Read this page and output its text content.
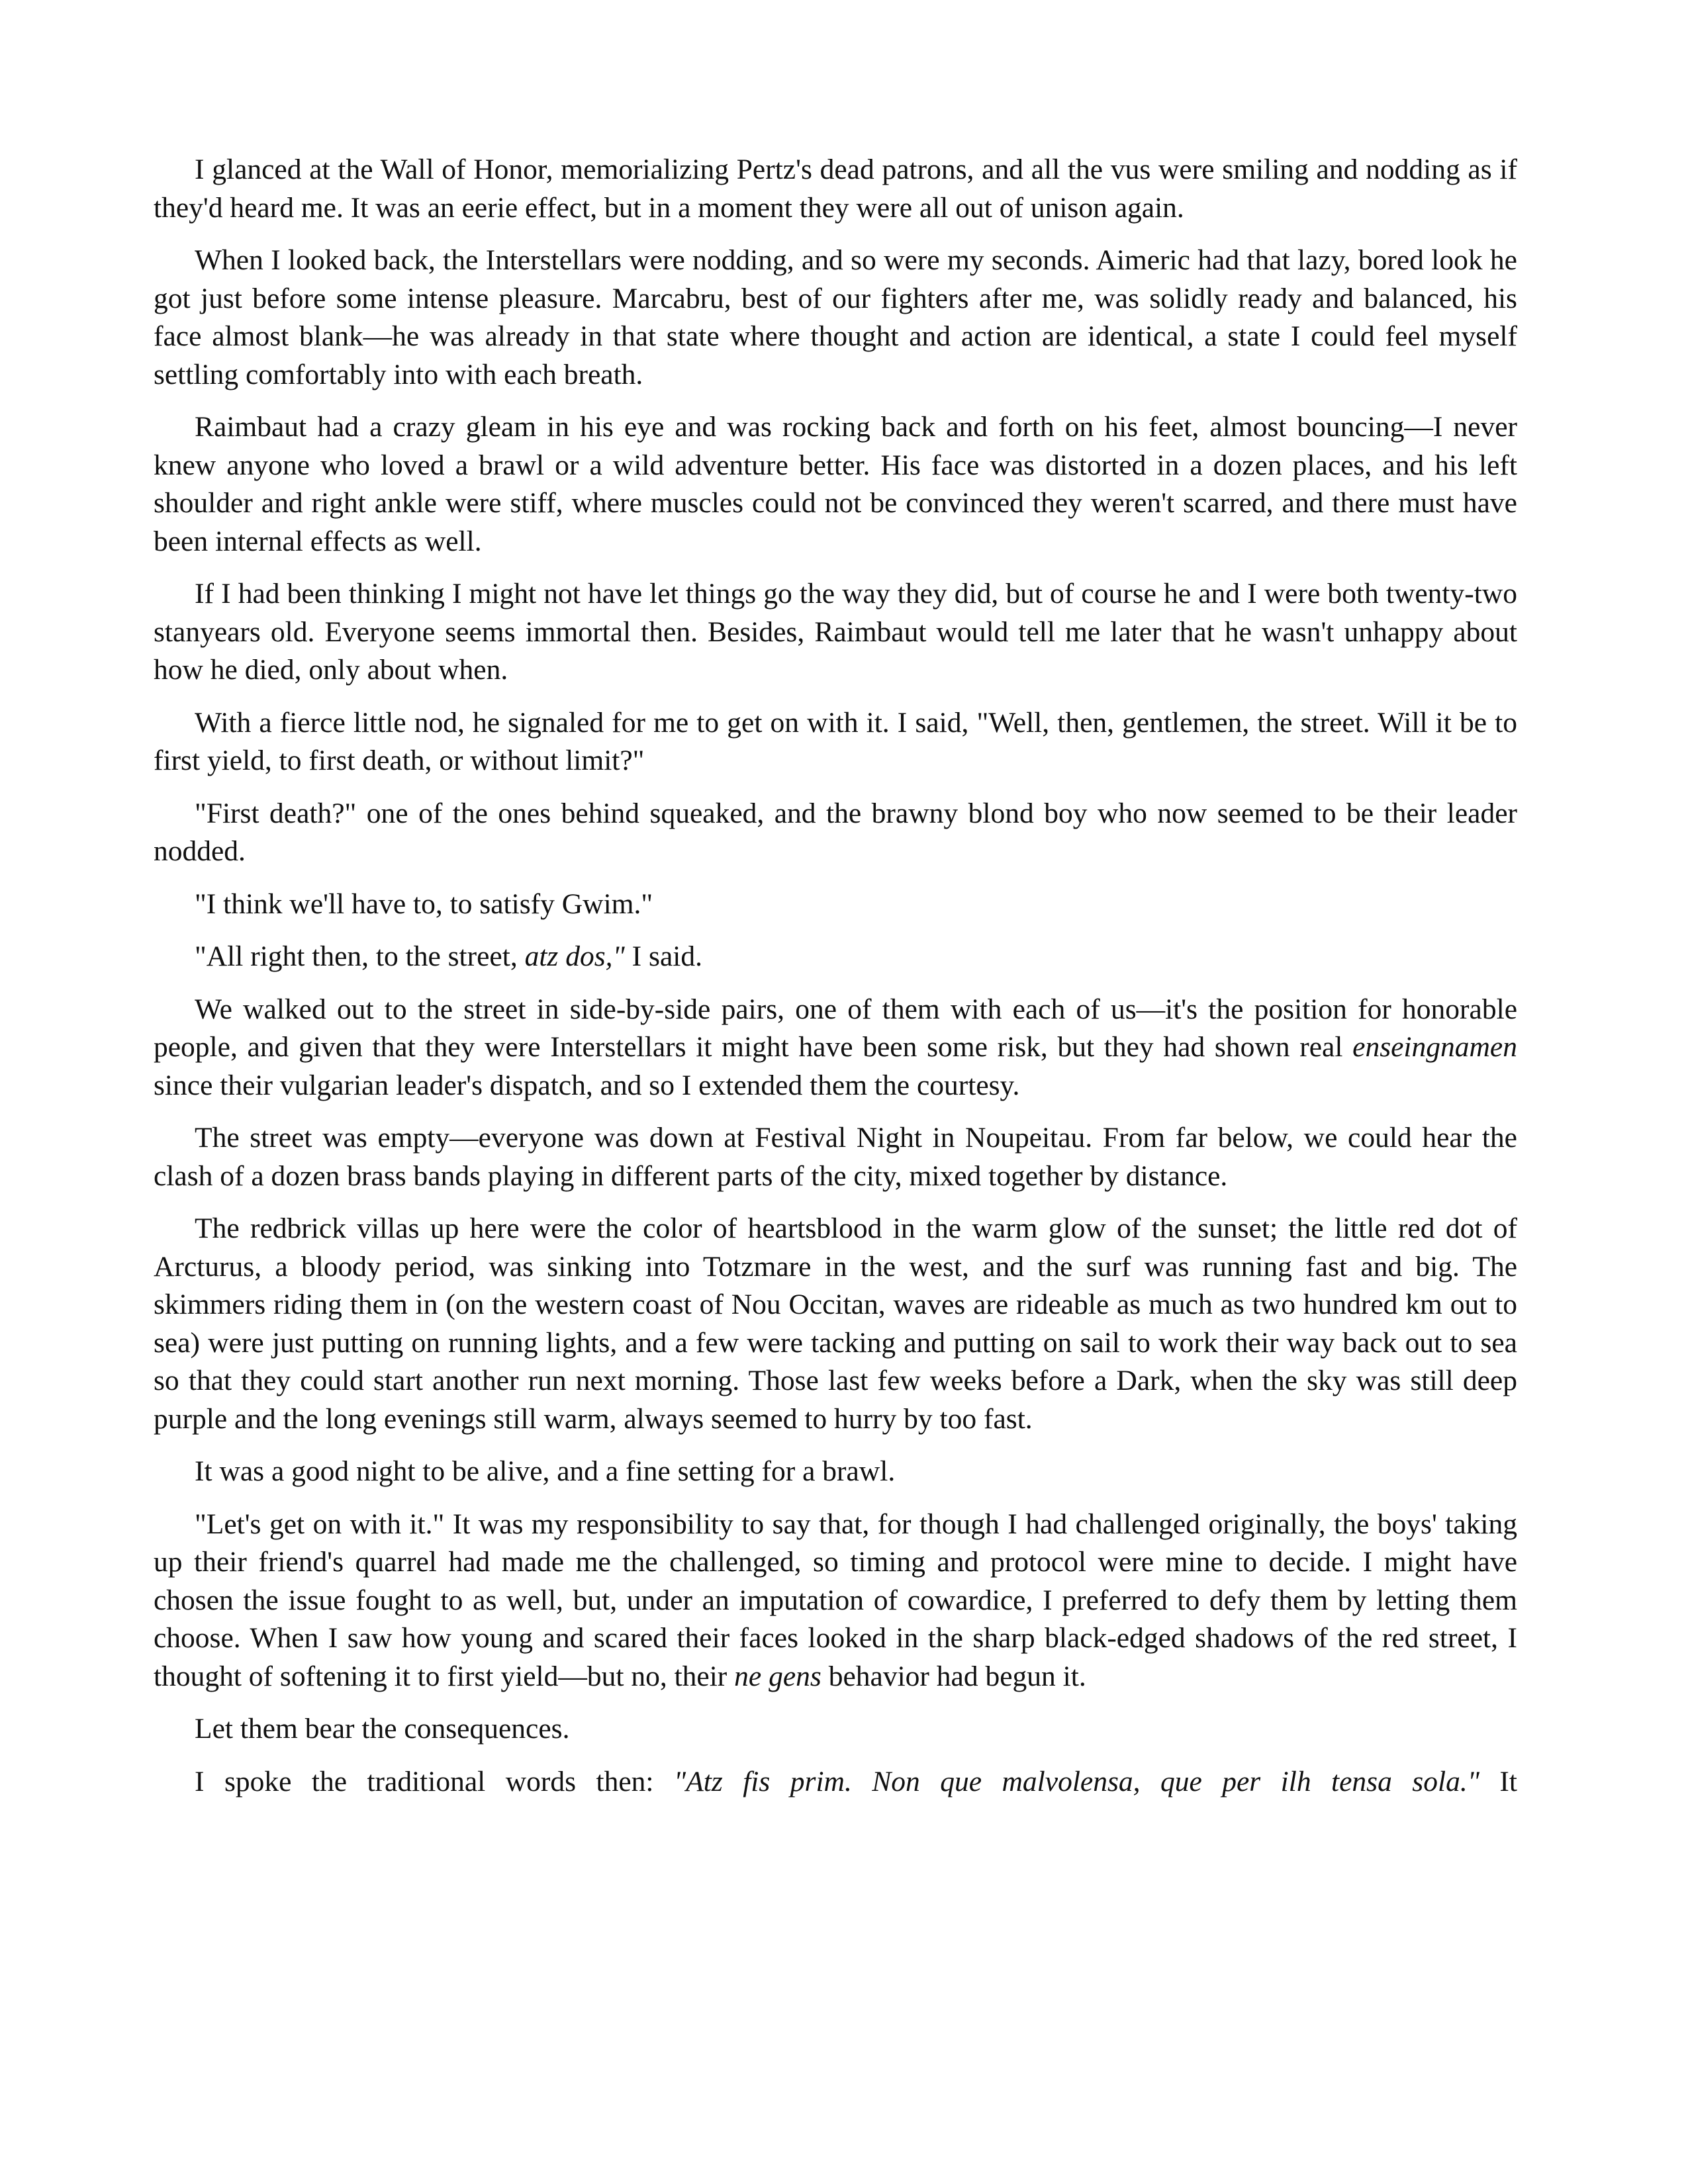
I glanced at the Wall of Honor, memorializing Pertz's dead patrons, and all the vus were smiling and nodding as if they'd heard me. It was an eerie effect, but in a moment they were all out of unison again.

When I looked back, the Interstellars were nodding, and so were my seconds. Aimeric had that lazy, bored look he got just before some intense pleasure. Marcabru, best of our fighters after me, was solidly ready and balanced, his face almost blank—he was already in that state where thought and action are identical, a state I could feel myself settling comfortably into with each breath.

Raimbaut had a crazy gleam in his eye and was rocking back and forth on his feet, almost bouncing—I never knew anyone who loved a brawl or a wild adventure better. His face was distorted in a dozen places, and his left shoulder and right ankle were stiff, where muscles could not be convinced they weren't scarred, and there must have been internal effects as well.

If I had been thinking I might not have let things go the way they did, but of course he and I were both twenty-two stanyears old. Everyone seems immortal then. Besides, Raimbaut would tell me later that he wasn't unhappy about how he died, only about when.

With a fierce little nod, he signaled for me to get on with it. I said, "Well, then, gentlemen, the street. Will it be to first yield, to first death, or without limit?"

"First death?" one of the ones behind squeaked, and the brawny blond boy who now seemed to be their leader nodded.

"I think we'll have to, to satisfy Gwim."

"All right then, to the street, atz dos," I said.

We walked out to the street in side-by-side pairs, one of them with each of us—it's the position for honorable people, and given that they were Interstellars it might have been some risk, but they had shown real enseingnamen since their vulgarian leader's dispatch, and so I extended them the courtesy.

The street was empty—everyone was down at Festival Night in Noupeitau. From far below, we could hear the clash of a dozen brass bands playing in different parts of the city, mixed together by distance.

The redbrick villas up here were the color of heartsblood in the warm glow of the sunset; the little red dot of Arcturus, a bloody period, was sinking into Totzmare in the west, and the surf was running fast and big. The skimmers riding them in (on the western coast of Nou Occitan, waves are rideable as much as two hundred km out to sea) were just putting on running lights, and a few were tacking and putting on sail to work their way back out to sea so that they could start another run next morning. Those last few weeks before a Dark, when the sky was still deep purple and the long evenings still warm, always seemed to hurry by too fast.

It was a good night to be alive, and a fine setting for a brawl.

"Let's get on with it." It was my responsibility to say that, for though I had challenged originally, the boys' taking up their friend's quarrel had made me the challenged, so timing and protocol were mine to decide. I might have chosen the issue fought to as well, but, under an imputation of cowardice, I preferred to defy them by letting them choose. When I saw how young and scared their faces looked in the sharp black-edged shadows of the red street, I thought of softening it to first yield—but no, their ne gens behavior had begun it.

Let them bear the consequences.

I spoke the traditional words then: "Atz fis prim. Non que malvolensa, que per ilh tensa sola." It
